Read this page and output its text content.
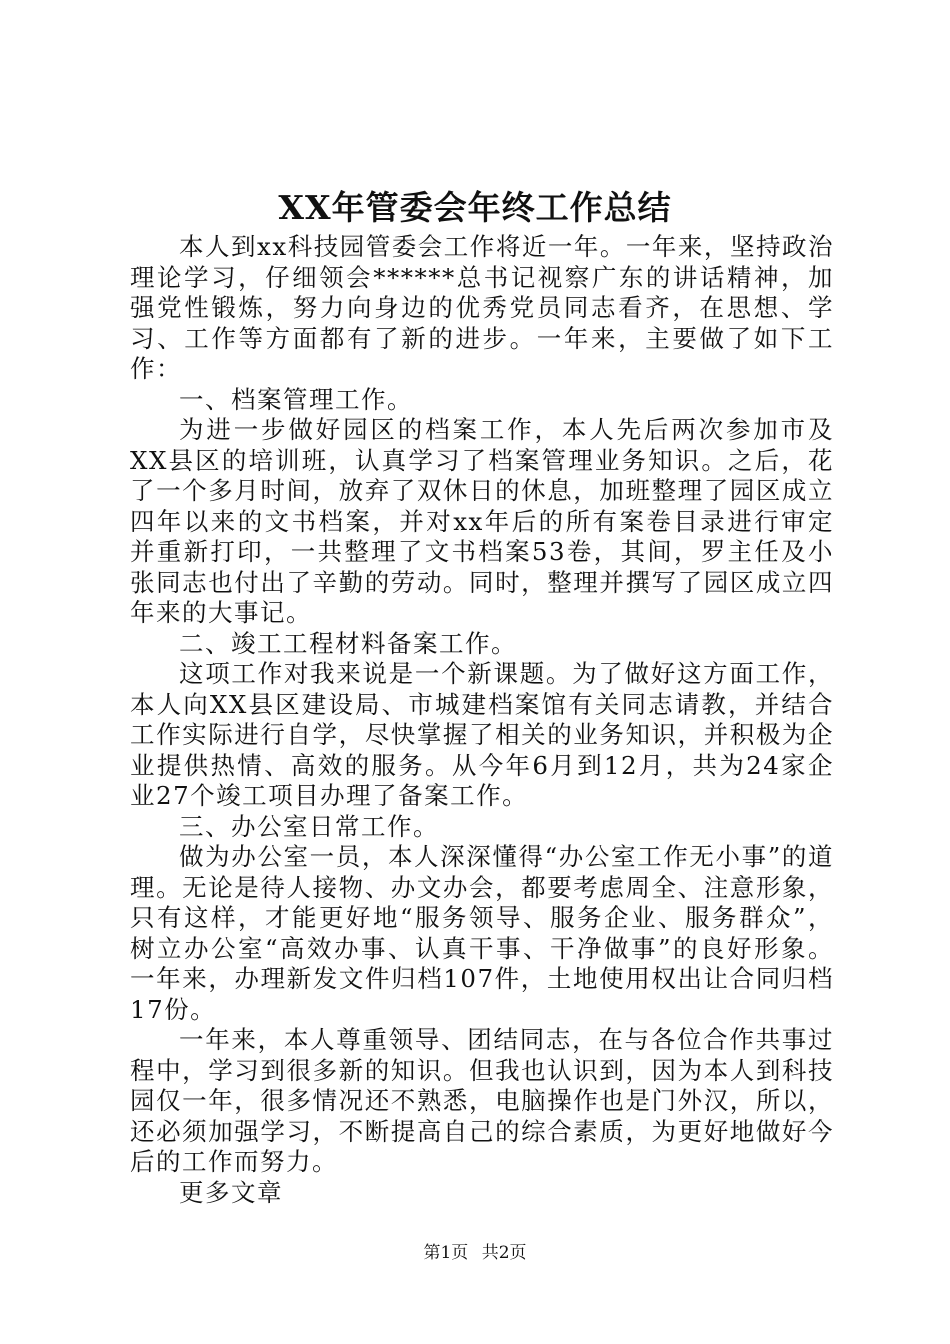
XX年管委会年终工作总结

本人到xx科技园管委会工作将近一年。一年来，坚持政治理论学习，仔细领会******总书记视察广东的讲话精神，加强党性锻炼，努力向身边的优秀党员同志看齐，在思想、学习、工作等方面都有了新的进步。一年来，主要做了如下工作：

一、档案管理工作。

为进一步做好园区的档案工作，本人先后两次参加市及XX县区的培训班，认真学习了档案管理业务知识。之后，花了一个多月时间，放弃了双休日的休息，加班整理了园区成立四年以来的文书档案，并对xx年后的所有案卷目录进行审定并重新打印，一共整理了文书档案53卷，其间，罗主任及小张同志也付出了辛勤的劳动。同时，整理并撰写了园区成立四年来的大事记。

二、竣工工程材料备案工作。

这项工作对我来说是一个新课题。为了做好这方面工作，本人向XX县区建设局、市城建档案馆有关同志请教，并结合工作实际进行自学，尽快掌握了相关的业务知识，并积极为企业提供热情、高效的服务。从今年6月到12月，共为24家企业27个竣工项目办理了备案工作。

三、办公室日常工作。

做为办公室一员，本人深深懂得“办公室工作无小事”的道理。无论是待人接物、办文办会，都要考虑周全、注意形象，只有这样，才能更好地“服务领导、服务企业、服务群众”，树立办公室“高效办事、认真干事、干净做事”的良好形象。一年来，办理新发文件归档107件，土地使用权出让合同归档17份。

一年来，本人尊重领导、团结同志，在与各位合作共事过程中，学习到很多新的知识。但我也认识到，因为本人到科技园仅一年，很多情况还不熟悉，电脑操作也是门外汉，所以，还必须加强学习，不断提高自己的综合素质，为更好地做好今后的工作而努力。

更多文章

第1页 共2页
